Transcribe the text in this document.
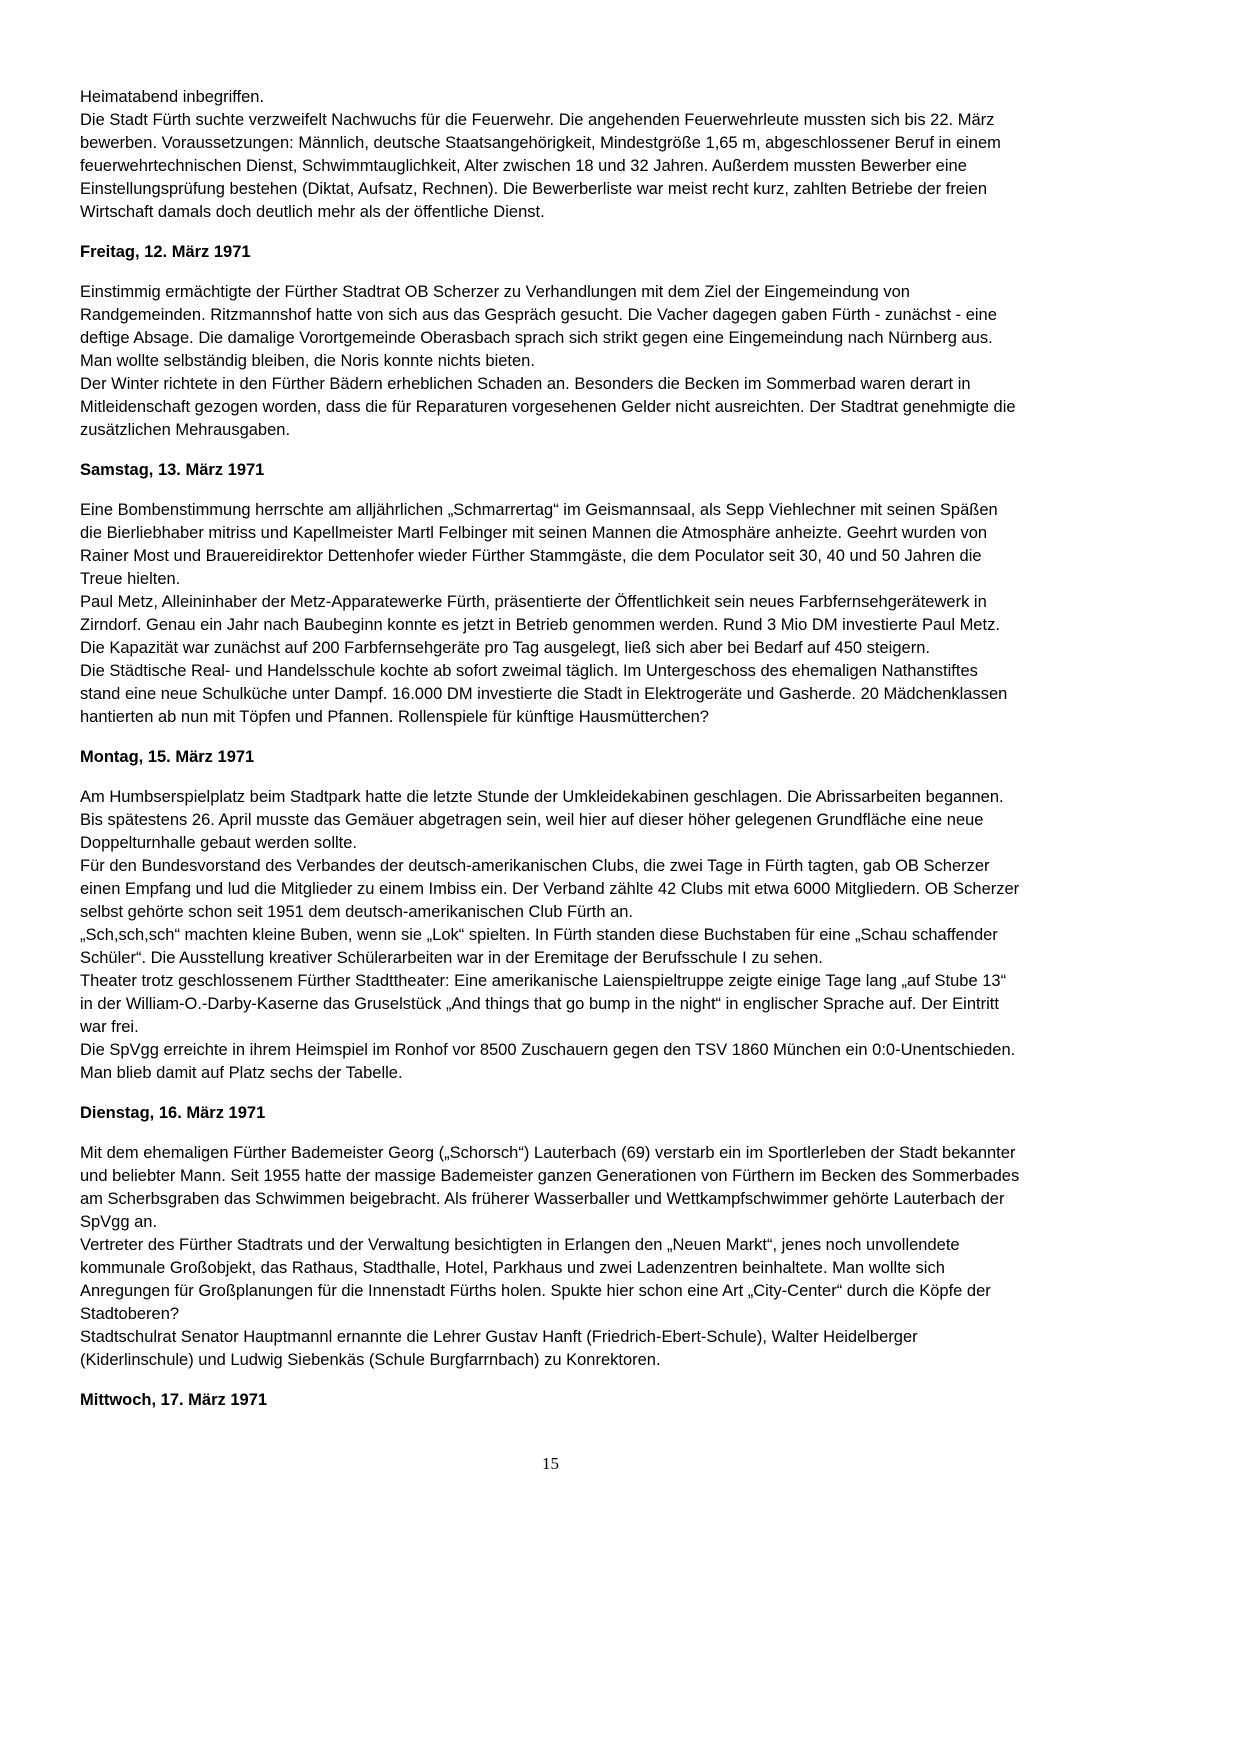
Heimatabend inbegriffen.

Die Stadt Fürth suchte verzweifelt Nachwuchs für die Feuerwehr. Die angehenden Feuerwehrleute mussten sich bis 22. März bewerben. Voraussetzungen: Männlich, deutsche Staatsangehörigkeit, Mindestgröße 1,65 m, abgeschlossener Beruf in einem feuerwehrtechnischen Dienst, Schwimmtauglichkeit, Alter zwischen 18 und 32 Jahren. Außerdem mussten Bewerber eine Einstellungsprüfung bestehen (Diktat, Aufsatz, Rechnen). Die Bewerberliste war meist recht kurz, zahlten Betriebe der freien Wirtschaft damals doch deutlich mehr als der öffentliche Dienst.

Freitag, 12. März 1971

Einstimmig ermächtigte der Fürther Stadtrat OB Scherzer zu Verhandlungen mit dem Ziel der Eingemeindung von Randgemeinden. Ritzmannshof hatte von sich aus das Gespräch gesucht. Die Vacher dagegen gaben Fürth - zunächst - eine deftige Absage. Die damalige Vorortgemeinde Oberasbach sprach sich strikt gegen eine Eingemeindung nach Nürnberg aus. Man wollte selbständig bleiben, die Noris konnte nichts bieten.

Der Winter richtete in den Fürther Bädern erheblichen Schaden an. Besonders die Becken im Sommerbad waren derart in Mitleidenschaft gezogen worden, dass die für Reparaturen vorgesehenen Gelder nicht ausreichten. Der Stadtrat genehmigte die zusätzlichen Mehrausgaben.

Samstag, 13. März 1971

Eine Bombenstimmung herrschte am alljährlichen „Schmarrertag“ im Geismannsaal, als Sepp Viehlechner mit seinen Späßen die Bierliebhaber mitriss und Kapellmeister Martl Felbinger mit seinen Mannen die Atmosphäre anheizte. Geehrt wurden von Rainer Most und Brauereidirektor Dettenhofer wieder Fürther Stammgäste, die dem Poculator seit 30, 40 und 50 Jahren die Treue hielten.

Paul Metz, Alleininhaber der Metz-Apparatewerke Fürth, präsentierte der Öffentlichkeit sein neues Farbfernsehgerätewerk in Zirndorf. Genau ein Jahr nach Baubeginn konnte es jetzt in Betrieb genommen werden. Rund 3 Mio DM investierte Paul Metz. Die Kapazität war zunächst auf 200 Farbfernsehgeräte pro Tag ausgelegt, ließ sich aber bei Bedarf auf 450 steigern.

Die Städtische Real- und Handelsschule kochte ab sofort zweimal täglich. Im Untergeschoss des ehemaligen Nathanstiftes stand eine neue Schulküche unter Dampf. 16.000 DM investierte die Stadt in Elektrogeräte und Gasherde. 20 Mädchenklassen hantierten ab nun mit Töpfen und Pfannen. Rollenspiele für künftige Hausmütterchen?

Montag, 15. März 1971

Am Humbserspielplatz beim Stadtpark hatte die letzte Stunde der Umkleidekabinen geschlagen. Die Abrissarbeiten begannen. Bis spätestens 26. April musste das Gemäuer abgetragen sein, weil hier auf dieser höher gelegenen Grundfläche eine neue Doppelturnhalle gebaut werden sollte.

Für den Bundesvorstand des Verbandes der deutsch-amerikanischen Clubs, die zwei Tage in Fürth tagten, gab OB Scherzer einen Empfang und lud die Mitglieder zu einem Imbiss ein. Der Verband zählte 42 Clubs mit etwa 6000 Mitgliedern. OB Scherzer selbst gehörte schon seit 1951 dem deutsch-amerikanischen Club Fürth an.

„Sch,sch,sch“ machten kleine Buben, wenn sie „Lok“ spielten. In Fürth standen diese Buchstaben für eine „Schau schaffender Schüler“. Die Ausstellung kreativer Schülerarbeiten war in der Eremitage der Berufsschule I zu sehen.

Theater trotz geschlossenem Fürther Stadttheater: Eine amerikanische Laienspieltruppe zeigte einige Tage lang „auf Stube 13“ in der William-O.-Darby-Kaserne das Gruselstück „And things that go bump in the night“ in englischer Sprache auf. Der Eintritt war frei.

Die SpVgg erreichte in ihrem Heimspiel im Ronhof vor 8500 Zuschauern gegen den TSV 1860 München ein 0:0-Unentschieden. Man blieb damit auf Platz sechs der Tabelle.

Dienstag, 16. März 1971

Mit dem ehemaligen Fürther Bademeister Georg („Schorsch“) Lauterbach (69) verstarb ein im Sportlerleben der Stadt bekannter und beliebter Mann. Seit 1955 hatte der massige Bademeister ganzen Generationen von Fürthern im Becken des Sommerbades am Scherbsgraben das Schwimmen beigebracht. Als früherer Wasserballer und Wettkampfschwimmer gehörte Lauterbach der SpVgg an.

Vertreter des Fürther Stadtrats und der Verwaltung besichtigten in Erlangen den „Neuen Markt“, jenes noch unvollendete kommunale Großobjekt, das Rathaus, Stadthalle, Hotel, Parkhaus und zwei Ladenzentren beinhaltete. Man wollte sich Anregungen für Großplanungen für die Innenstadt Fürths holen. Spukte hier schon eine Art „City-Center“ durch die Köpfe der Stadtoberen?

Stadtschulrat Senator Hauptmannl ernannte die Lehrer Gustav Hanft (Friedrich-Ebert-Schule), Walter Heidelberger (Kiderlinschule) und Ludwig Siebenkäs (Schule Burgfarrnbach) zu Konrektoren.

Mittwoch, 17. März 1971
15
